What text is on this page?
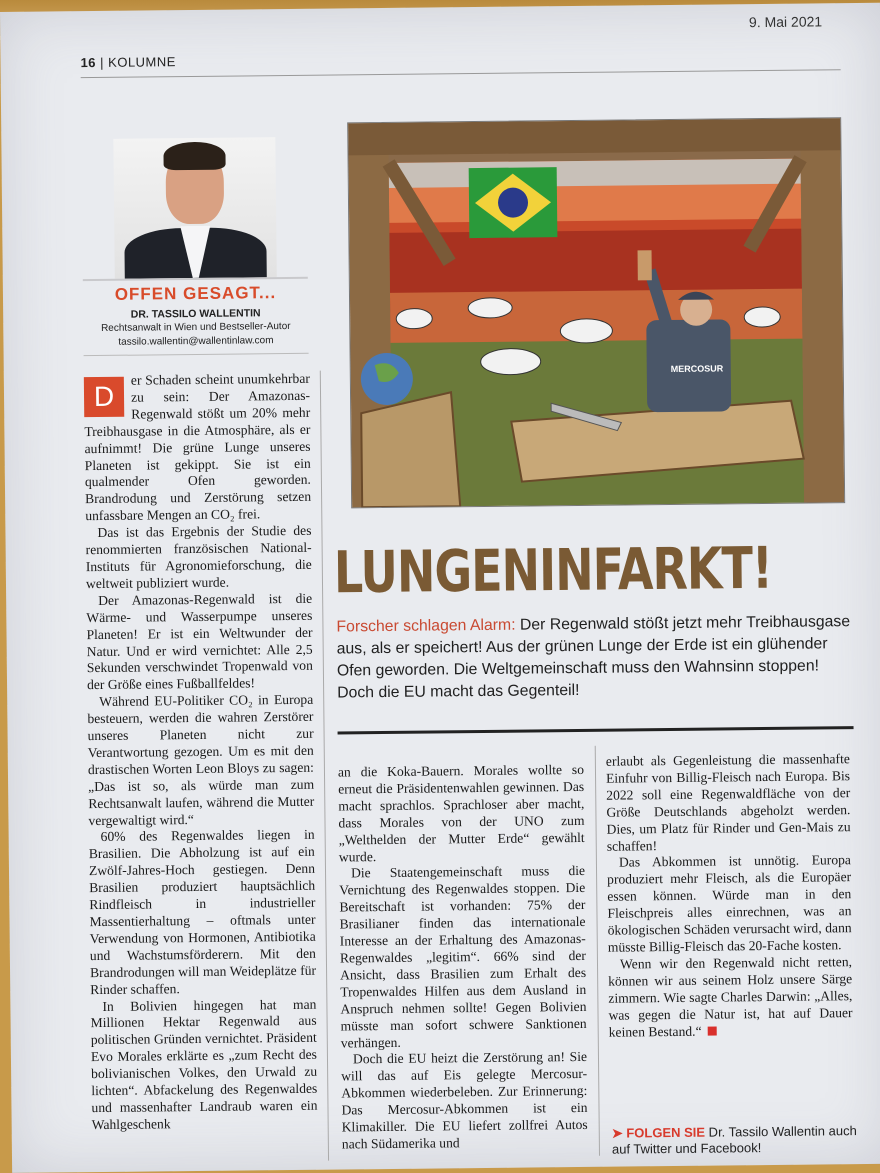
9. Mai 2021
16 | KOLUMNE
OFFEN GESAGT...
DR. TASSILO WALLENTIN
Rechtsanwalt in Wien und Bestseller-Autor
tassilo.wallentin@wallentinlaw.com
MERCOSUR
LUNGENINFARKT!
Forscher schlagen Alarm: Der Regenwald stößt jetzt mehr Treibhausgase aus, als er speichert! Aus der grünen Lunge der Erde ist ein glühender Ofen geworden. Die Weltgemeinschaft muss den Wahnsinn stoppen! Doch die EU macht das Gegenteil!

D
er Schaden scheint unumkehrbar zu sein: Der Amazonas-Regenwald stößt um 20% mehr Treibhausgase in die Atmosphäre, als er aufnimmt! Die grüne Lunge unseres Planeten ist gekippt. Sie ist ein qualmender Ofen geworden. Brandrodung und Zerstörung setzen unfassbare Mengen an CO₂ frei.

Das ist das Ergebnis der Studie des renommierten französischen National-Instituts für Agronomieforschung, die weltweit publiziert wurde.

Der Amazonas-Regenwald ist die Wärme- und Wasserpumpe unseres Planeten! Er ist ein Weltwunder der Natur. Und er wird vernichtet: Alle 2,5 Sekunden verschwindet Tropenwald von der Größe eines Fußballfeldes!

Während EU-Politiker CO₂ in Europa besteuern, werden die wahren Zerstörer unseres Planeten nicht zur Verantwortung gezogen. Um es mit den drastischen Worten Leon Bloys zu sagen: „Das ist so, als würde man zum Rechtsanwalt laufen, während die Mutter vergewaltigt wird.“

60% des Regenwaldes liegen in Brasilien. Die Abholzung ist auf ein Zwölf-Jahres-Hoch gestiegen. Denn Brasilien produziert hauptsächlich Rindfleisch in industrieller Massentierhaltung – oftmals unter Verwendung von Hormonen, Antibiotika und Wachstumsförderern. Mit den Brandrodungen will man Weideplätze für Rinder schaffen.

In Bolivien hingegen hat man Millionen Hektar Regenwald aus politischen Gründen vernichtet. Präsident Evo Morales erklärte es „zum Recht des bolivianischen Volkes, den Urwald zu lichten“. Abfackelung des Regenwaldes und massenhafter Landraub waren ein Wahlgeschenk

an die Koka-Bauern. Morales wollte so erneut die Präsidentenwahlen gewinnen. Das macht sprachlos. Sprachloser aber macht, dass Morales von der UNO zum „Welthelden der Mutter Erde“ gewählt wurde.

Die Staatengemeinschaft muss die Vernichtung des Regenwaldes stoppen. Die Bereitschaft ist vorhanden: 75% der Brasilianer finden das internationale Interesse an der Erhaltung des Amazonas-Regenwaldes „legitim“. 66% sind der Ansicht, dass Brasilien zum Erhalt des Tropenwaldes Hilfen aus dem Ausland in Anspruch nehmen sollte! Gegen Bolivien müsste man sofort schwere Sanktionen verhängen.

Doch die EU heizt die Zerstörung an! Sie will das auf Eis gelegte Mercosur-Abkommen wiederbeleben. Zur Erinnerung: Das Mercosur-Abkommen ist ein Klimakiller. Die EU liefert zollfrei Autos nach Südamerika und

erlaubt als Gegenleistung die massenhafte Einfuhr von Billig-Fleisch nach Europa. Bis 2022 soll eine Regenwaldfläche von der Größe Deutschlands abgeholzt werden. Dies, um Platz für Rinder und Gen-Mais zu schaffen!

Das Abkommen ist unnötig. Europa produziert mehr Fleisch, als die Europäer essen können. Würde man in den Fleischpreis alles einrechnen, was an ökologischen Schäden verursacht wird, dann müsste Billig-Fleisch das 20-Fache kosten.

Wenn wir den Regenwald nicht retten, können wir aus seinem Holz unsere Särge zimmern. Wie sagte Charles Darwin: „Alles, was gegen die Natur ist, hat auf Dauer keinen Bestand.“

➤ FOLGEN SIE Dr. Tassilo Wallentin auch auf Twitter und Facebook!
